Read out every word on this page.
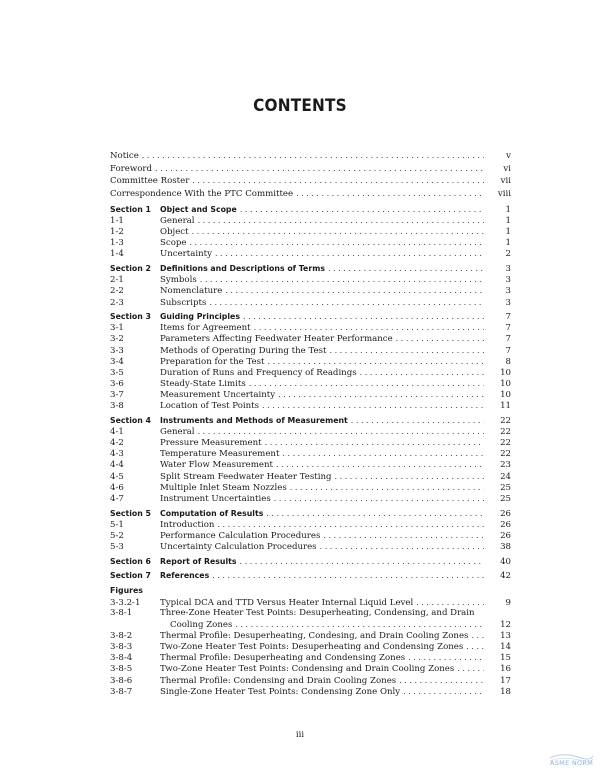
CONTENTS
Notice . . .	v
Foreword . . .	vi
Committee Roster . . .	vii
Correspondence With the PTC Committee . . .	viii
Section 1	Object and Scope . . .	1
1-1	General . . .	1
1-2	Object . . .	1
1-3	Scope . . .	1
1-4	Uncertainty . . .	2
Section 2	Definitions and Descriptions of Terms . . .	3
2-1	Symbols . . .	3
2-2	Nomenclature . . .	3
2-3	Subscripts . . .	3
Section 3	Guiding Principles . . .	7
3-1	Items for Agreement . . .	7
3-2	Parameters Affecting Feedwater Heater Performance . . .	7
3-3	Methods of Operating During the Test . . .	7
3-4	Preparation for the Test . . .	8
3-5	Duration of Runs and Frequency of Readings . . .	10
3-6	Steady-State Limits . . .	10
3-7	Measurement Uncertainty . . .	10
3-8	Location of Test Points . . .	11
Section 4	Instruments and Methods of Measurement . . .	22
4-1	General . . .	22
4-2	Pressure Measurement . . .	22
4-3	Temperature Measurement . . .	22
4-4	Water Flow Measurement . . .	23
4-5	Split Stream Feedwater Heater Testing . . .	24
4-6	Multiple Inlet Steam Nozzles . . .	25
4-7	Instrument Uncertainties . . .	25
Section 5	Computation of Results . . .	26
5-1	Introduction . . .	26
5-2	Performance Calculation Procedures . . .	26
5-3	Uncertainty Calculation Procedures . . .	38
Section 6	Report of Results . . .	40
Section 7	References . . .	42
Figures
3-3.2-1	Typical DCA and TTD Versus Heater Internal Liquid Level . . .	9
3-8-1	Three-Zone Heater Test Points: Desuperheating, Condensing, and Drain
Cooling Zones . . .	12
3-8-2	Thermal Profile: Desuperheating, Condesing, and Drain Cooling Zones . . .	13
3-8-3	Two-Zone Heater Test Points: Desuperheating and Condensing Zones . . .	14
3-8-4	Thermal Profile: Desuperheating and Condensing Zones . . .	15
3-8-5	Two-Zone Heater Test Points: Condensing and Drain Cooling Zones . . .	16
3-8-6	Thermal Profile: Condensing and Drain Cooling Zones . . .	17
3-8-7	Single-Zone Heater Test Points: Condensing Zone Only . . .	18
iii
ASME NORM
